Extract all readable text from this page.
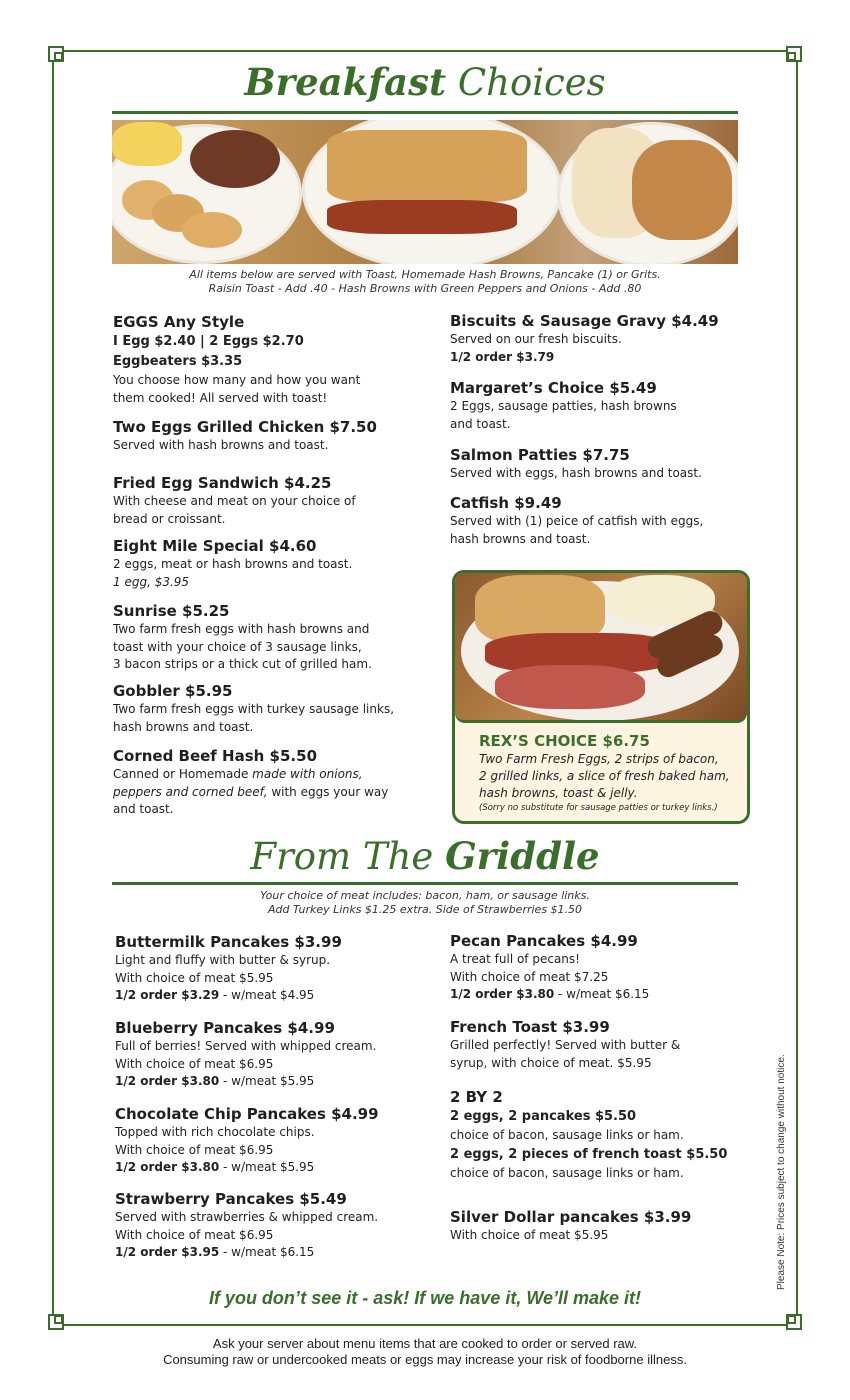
Breakfast Choices
All items below are served with Toast, Homemade Hash Browns, Pancake (1) or Grits.
Raisin Toast - Add .40 - Hash Browns with Green Peppers and Onions - Add .80
EGGS Any Style
I Egg $2.40 | 2 Eggs $2.70
Eggbeaters $3.35
You choose how many and how you want
them cooked! All served with toast!
Two Eggs Grilled Chicken $7.50
Served with hash browns and toast.
Fried Egg Sandwich $4.25
With cheese and meat on your choice of
bread or croissant.
Eight Mile Special $4.60
2 eggs, meat or hash browns and toast.
1 egg, $3.95
Sunrise $5.25
Two farm fresh eggs with hash browns and
toast with your choice of 3 sausage links,
3 bacon strips or a thick cut of grilled ham.
Gobbler $5.95
Two farm fresh eggs with turkey sausage links,
hash browns and toast.
Corned Beef Hash $5.50
Canned or Homemade made with onions,
peppers and corned beef, with eggs your way
and toast.
Biscuits & Sausage Gravy $4.49
Served on our fresh biscuits.
1/2 order $3.79
Margaret’s Choice $5.49
2 Eggs, sausage patties, hash browns
and toast.
Salmon Patties $7.75
Served with eggs, hash browns and toast.
Catfish $9.49
Served with (1) peice of catfish with eggs,
hash browns and toast.
REX’S CHOICE $6.75
Two Farm Fresh Eggs, 2 strips of bacon,
2 grilled links, a slice of fresh baked ham,
hash browns, toast & jelly.
(Sorry no substitute for sausage patties or turkey links.)
From The Griddle
Your choice of meat includes: bacon, ham, or sausage links.
Add Turkey Links $1.25 extra. Side of Strawberries $1.50
Buttermilk Pancakes $3.99
Light and fluffy with butter & syrup.
With choice of meat $5.95
1/2 order $3.29 - w/meat $4.95
Blueberry Pancakes $4.99
Full of berries! Served with whipped cream.
With choice of meat $6.95
1/2 order $3.80 - w/meat $5.95
Chocolate Chip Pancakes $4.99
Topped with rich chocolate chips.
With choice of meat $6.95
1/2 order $3.80 - w/meat $5.95
Strawberry Pancakes $5.49
Served with strawberries & whipped cream.
With choice of meat $6.95
1/2 order $3.95 - w/meat $6.15
Pecan Pancakes $4.99
A treat full of pecans!
With choice of meat $7.25
1/2 order $3.80 - w/meat $6.15
French Toast $3.99
Grilled perfectly! Served with butter &
syrup, with choice of meat. $5.95
2 BY 2
2 eggs, 2 pancakes $5.50
choice of bacon, sausage links or ham.
2 eggs, 2 pieces of french toast $5.50
choice of bacon, sausage links or ham.
Silver Dollar pancakes $3.99
With choice of meat $5.95	Please Note: Prices subject to change without notice.
If you don’t see it - ask! If we have it, We’ll make it!
Ask your server about menu items that are cooked to order or served raw.
Consuming raw or undercooked meats or eggs may increase your risk of foodborne illness.
